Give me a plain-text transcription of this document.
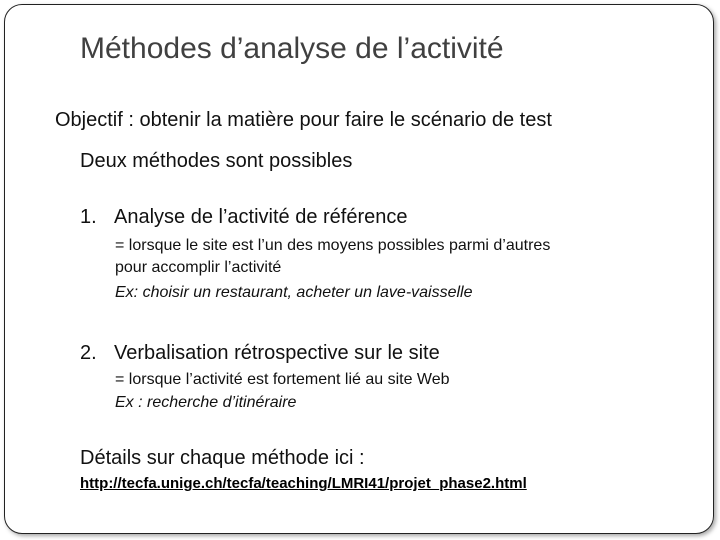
Méthodes d’analyse de l’activité
Objectif : obtenir la matière pour faire le scénario de test
Deux méthodes sont possibles
1. Analyse de l’activité de référence
= lorsque le site est l’un des moyens possibles parmi d’autres
pour accomplir l’activité
Ex: choisir un restaurant, acheter un lave-vaisselle
2. Verbalisation rétrospective sur le site
= lorsque l’activité est fortement lié au site Web
Ex : recherche d’itinéraire
Détails sur chaque méthode ici :
http://tecfa.unige.ch/tecfa/teaching/LMRI41/projet_phase2.html
